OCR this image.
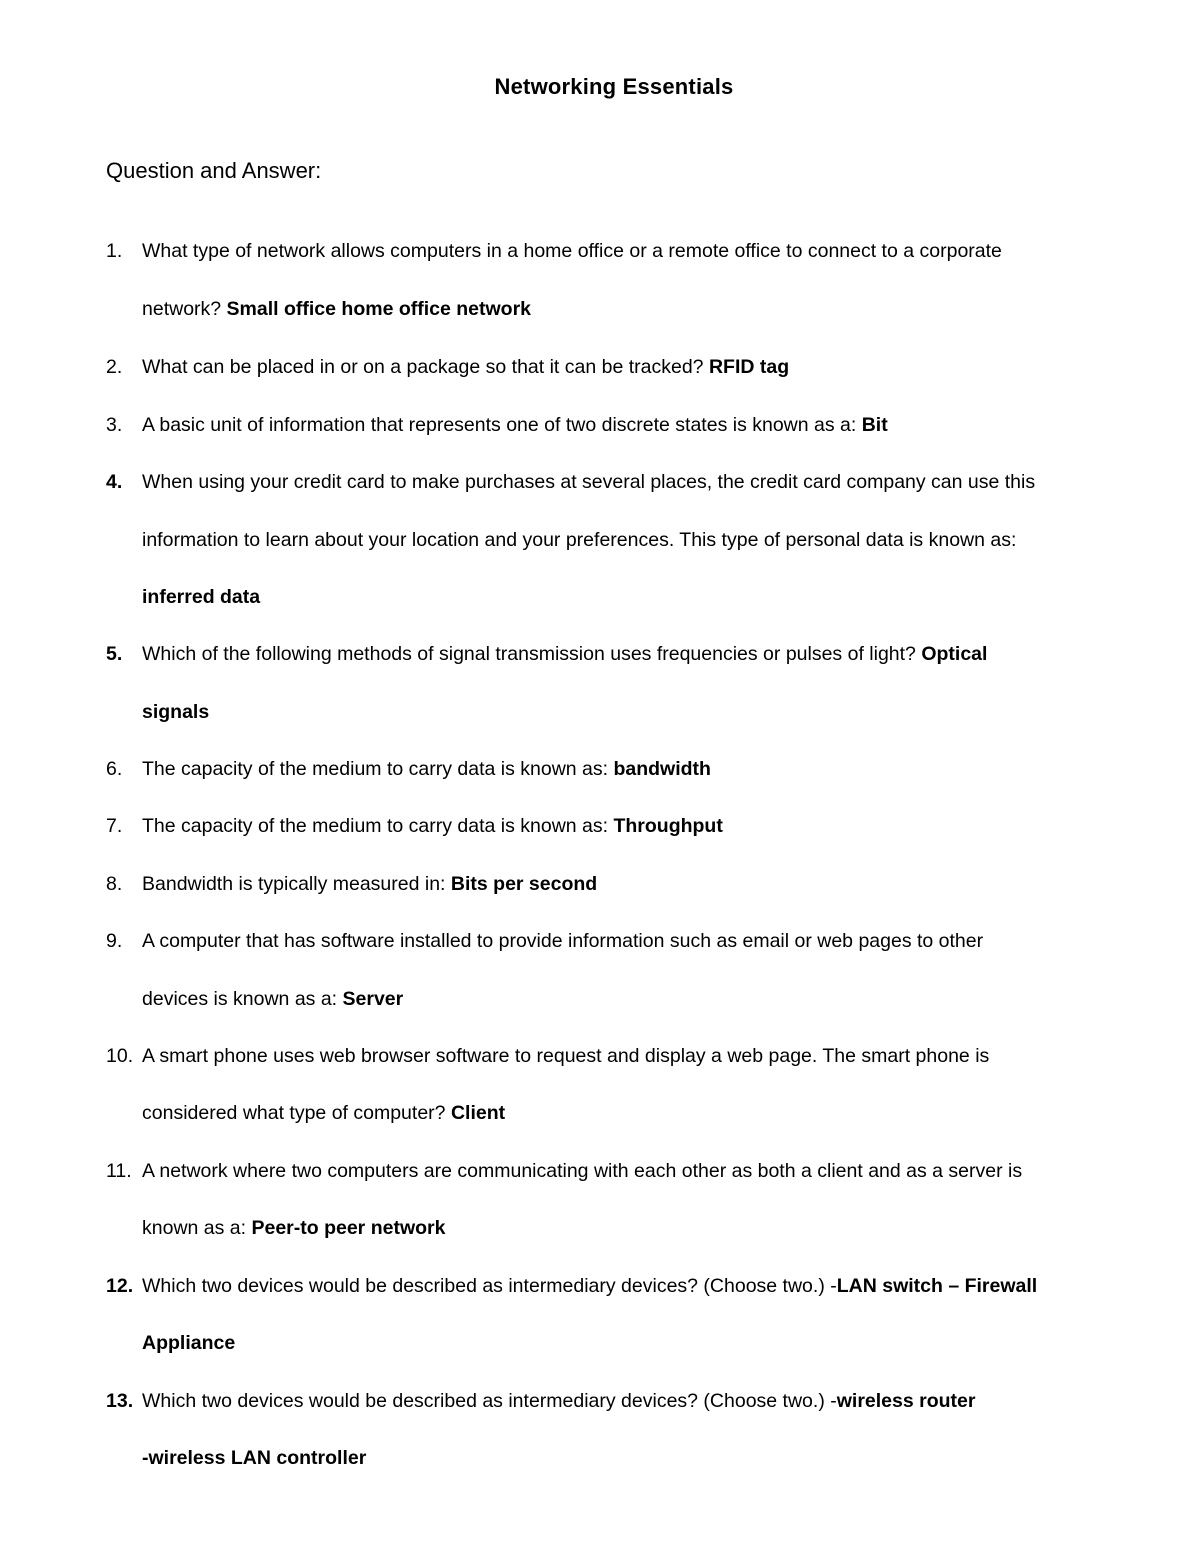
Networking Essentials
Question and Answer:
1. What type of network allows computers in a home office or a remote office to connect to a corporate
network? Small office home office network
2. What can be placed in or on a package so that it can be tracked? RFID tag
3. A basic unit of information that represents one of two discrete states is known as a: Bit
4. When using your credit card to make purchases at several places, the credit card company can use this
information to learn about your location and your preferences. This type of personal data is known as:
inferred data
5. Which of the following methods of signal transmission uses frequencies or pulses of light? Optical
signals
6. The capacity of the medium to carry data is known as: bandwidth
7. The capacity of the medium to carry data is known as: Throughput
8. Bandwidth is typically measured in: Bits per second
9. A computer that has software installed to provide information such as email or web pages to other
devices is known as a: Server
10. A smart phone uses web browser software to request and display a web page. The smart phone is
considered what type of computer? Client
11. A network where two computers are communicating with each other as both a client and as a server is
known as a: Peer-to peer network
12. Which two devices would be described as intermediary devices? (Choose two.) -LAN switch – Firewall
Appliance
13. Which two devices would be described as intermediary devices? (Choose two.) -wireless router
-wireless LAN controller
